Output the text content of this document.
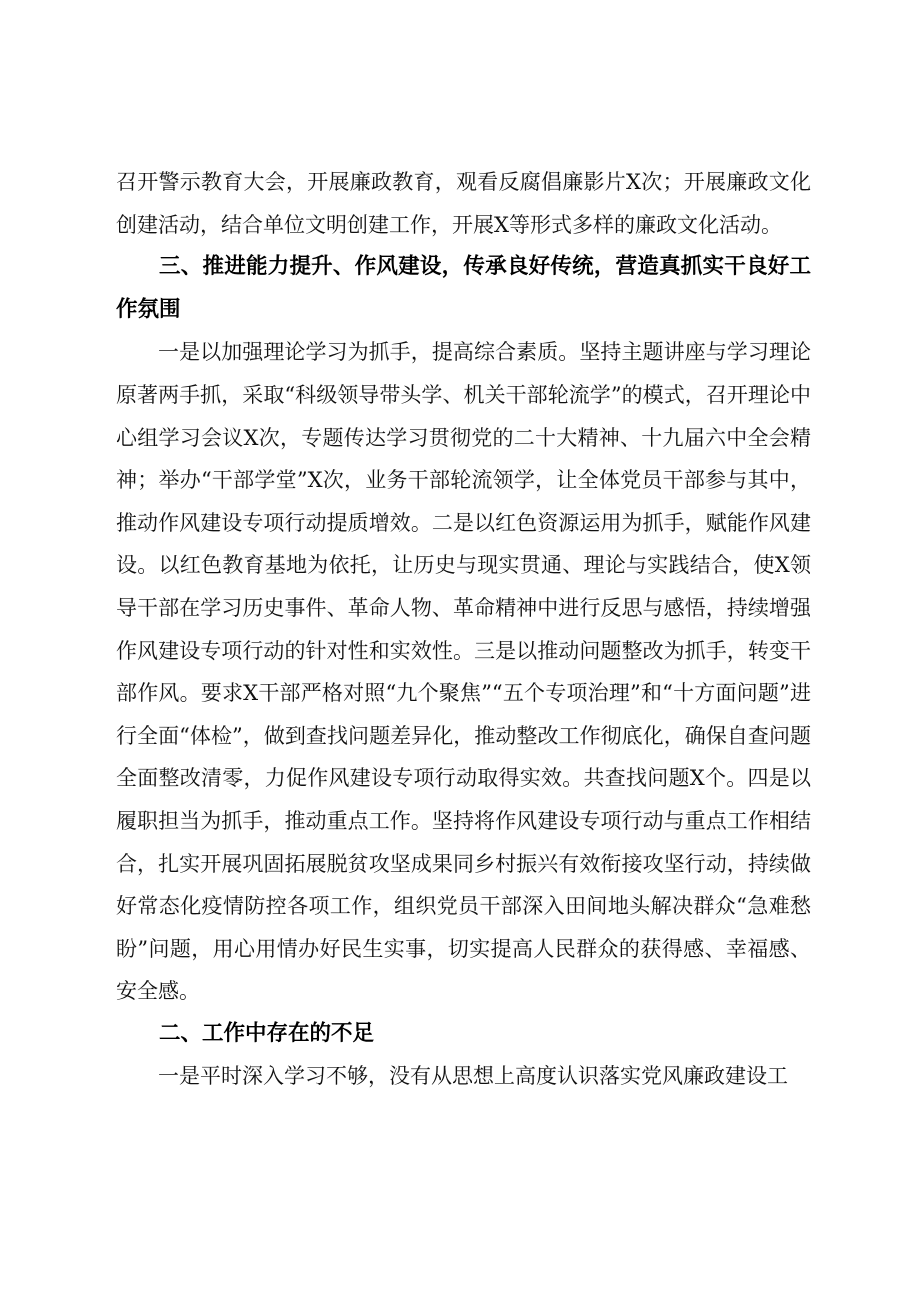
召开警示教育大会，开展廉政教育，观看反腐倡廉影片X次；开展廉政文化创建活动，结合单位文明创建工作，开展X等形式多样的廉政文化活动。

三、推进能力提升、作风建设，传承良好传统，营造真抓实干良好工作氛围

一是以加强理论学习为抓手，提高综合素质。坚持主题讲座与学习理论原著两手抓，采取“科级领导带头学、机关干部轮流学”的模式，召开理论中心组学习会议X次，专题传达学习贯彻党的二十大精神、十九届六中全会精神；举办“干部学堂”X次，业务干部轮流领学，让全体党员干部参与其中，推动作风建设专项行动提质增效。二是以红色资源运用为抓手，赋能作风建设。以红色教育基地为依托，让历史与现实贯通、理论与实践结合，使X领导干部在学习历史事件、革命人物、革命精神中进行反思与感悟，持续增强作风建设专项行动的针对性和实效性。三是以推动问题整改为抓手，转变干部作风。要求X干部严格对照“九个聚焦”“五个专项治理”和“十方面问题”进行全面“体检”，做到查找问题差异化，推动整改工作彻底化，确保自查问题全面整改清零，力促作风建设专项行动取得实效。共查找问题X个。四是以履职担当为抓手，推动重点工作。坚持将作风建设专项行动与重点工作相结合，扎实开展巩固拓展脱贫攻坚成果同乡村振兴有效衔接攻坚行动，持续做好常态化疫情防控各项工作，组织党员干部深入田间地头解决群众“急难愁盼”问题，用心用情办好民生实事，切实提高人民群众的获得感、幸福感、安全感。

二、工作中存在的不足

一是平时深入学习不够，没有从思想上高度认识落实党风廉政建设工
